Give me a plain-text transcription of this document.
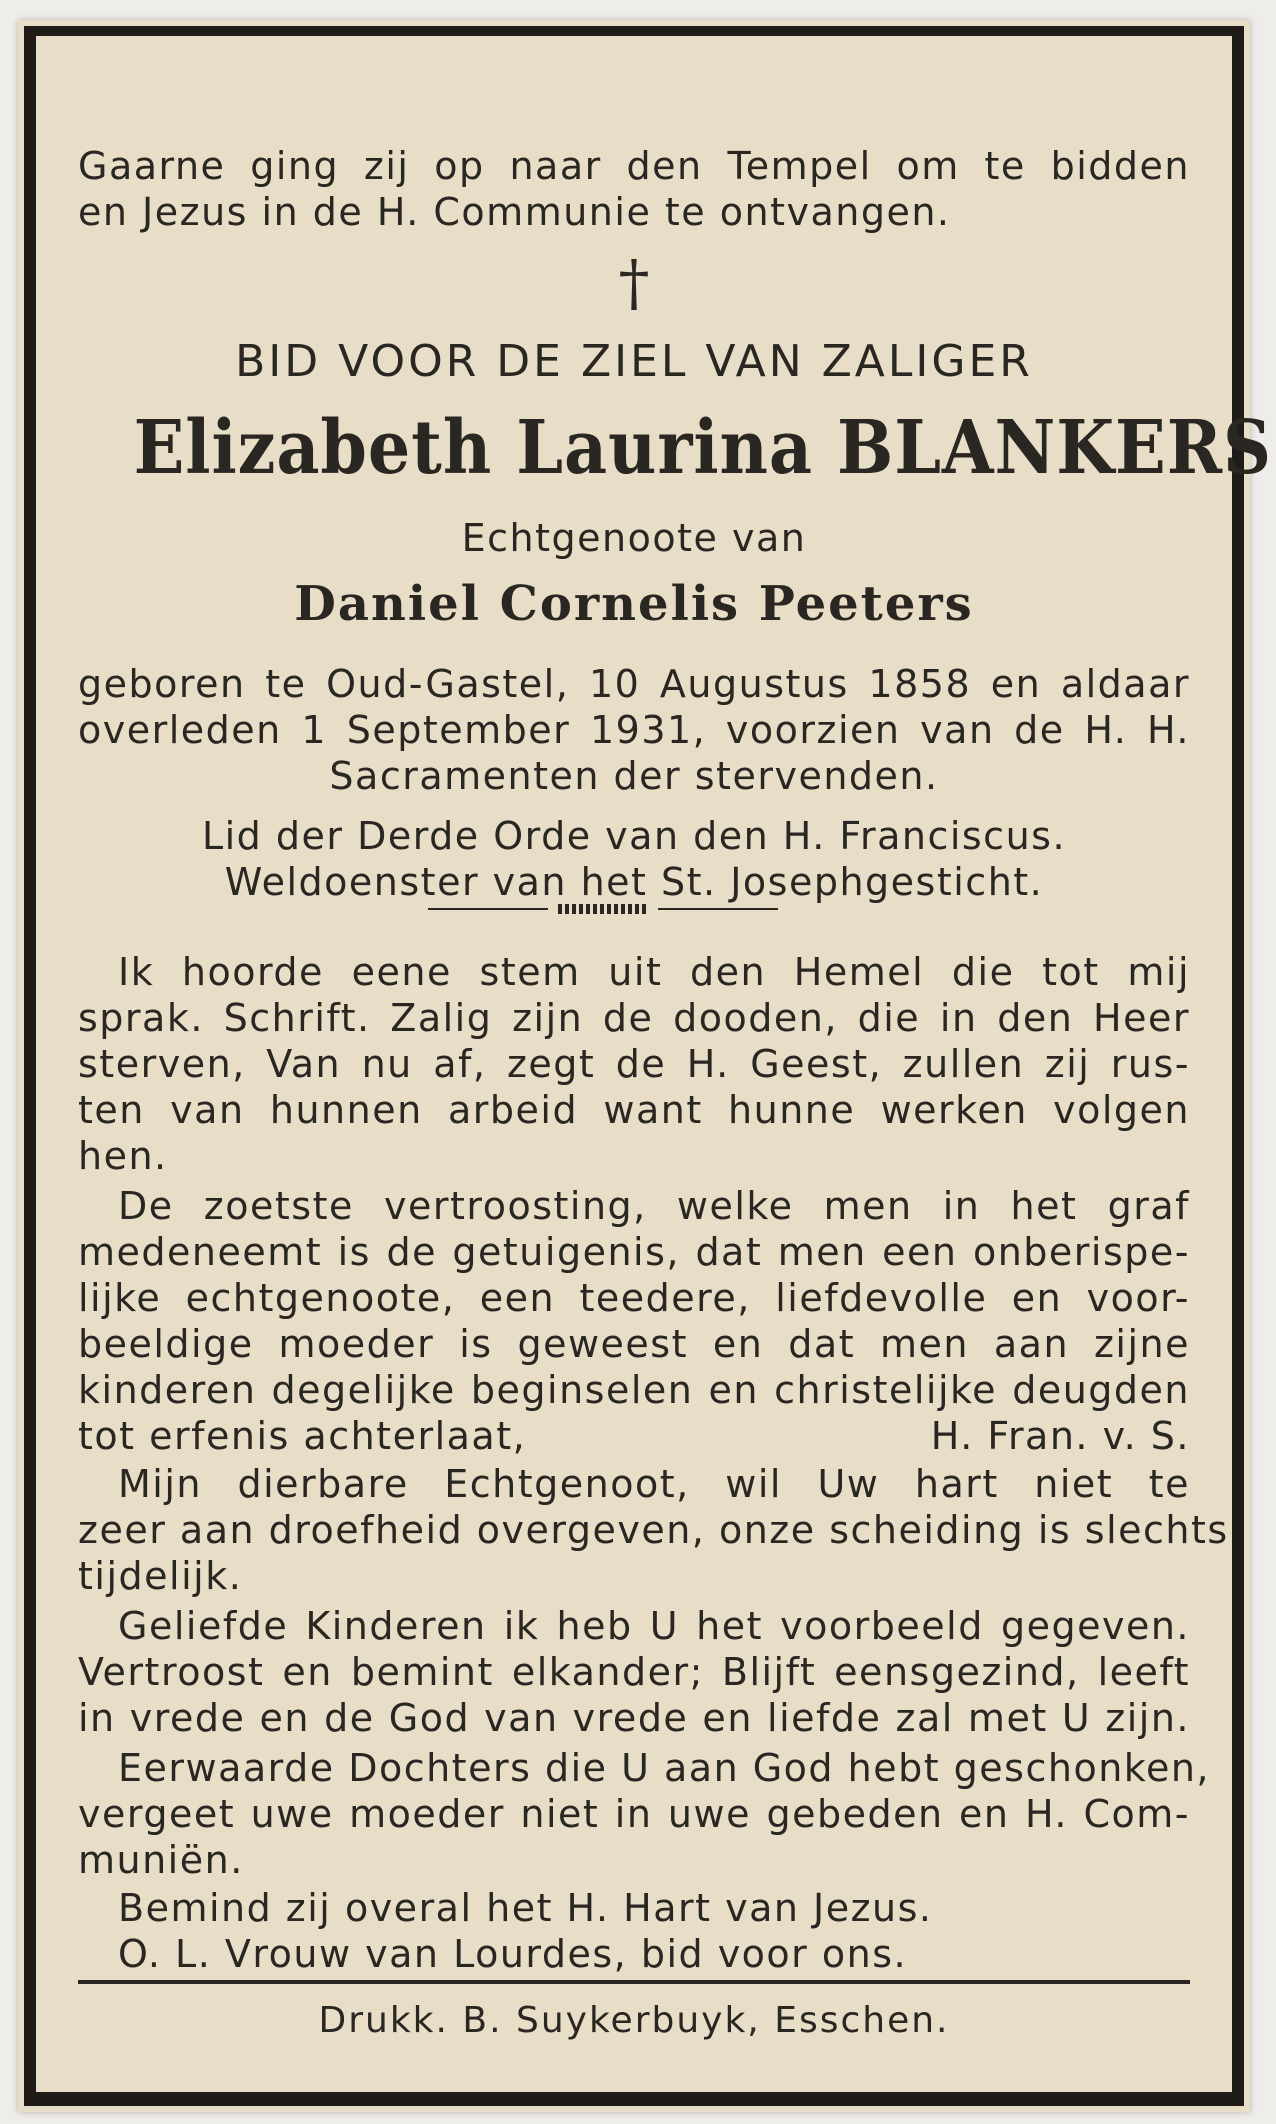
Gaarne ging zij op naar den Tempel om te bidden
en Jezus in de H. Communie te ontvangen.
†
BID VOOR DE ZIEL VAN ZALIGER
Elizabeth Laurina BLANKERS
Echtgenoote van
Daniel Cornelis Peeters
geboren te Oud-Gastel, 10 Augustus 1858 en aldaar
overleden 1 September 1931, voorzien van de H. H.
Sacramenten der stervenden.
Lid der Derde Orde van den H. Franciscus.
Weldoenster van het St. Josephgesticht.
Ik hoorde eene stem uit den Hemel die tot mij
sprak. Schrift. Zalig zijn de dooden, die in den Heer
sterven, Van nu af, zegt de H. Geest, zullen zij rus-
ten van hunnen arbeid want hunne werken volgen
hen.
De zoetste vertroosting, welke men in het graf
medeneemt is de getuigenis, dat men een onberispe-
lijke echtgenoote, een teedere, liefdevolle en voor-
beeldige moeder is geweest en dat men aan zijne
kinderen degelijke beginselen en christelijke deugden
tot erfenis achterlaat,	H. Fran. v. S.
Mijn dierbare Echtgenoot, wil Uw hart niet te
zeer aan droefheid overgeven, onze scheiding is slechts
tijdelijk.
Geliefde Kinderen ik heb U het voorbeeld gegeven.
Vertroost en bemint elkander; Blijft eensgezind, leeft
in vrede en de God van vrede en liefde zal met U zijn.
Eerwaarde Dochters die U aan God hebt geschonken,
vergeet uwe moeder niet in uwe gebeden en H. Com-
muniën.
Bemind zij overal het H. Hart van Jezus.
O. L. Vrouw van Lourdes, bid voor ons.
Drukk. B. Suykerbuyk, Esschen.
